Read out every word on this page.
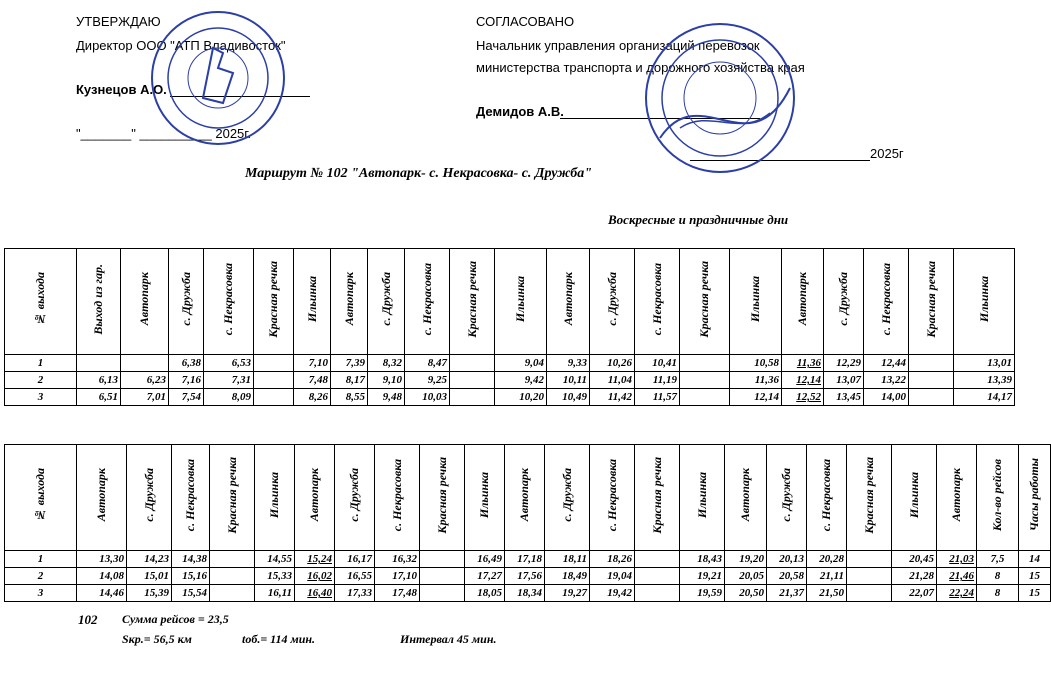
УТВЕРЖДАЮ
Директор ООО "АТП Владивосток"
Кузнецов А.О.
"_______" __________ 2025г.
СОГЛАСОВАНО
Начальник управления организаций перевозок
министерства транспорта и дорожного хозяйства края
Демидов А.В.
2025г
Маршрут № 102 "Автопарк- с. Некрасовка- с. Дружба"
Воскресные и праздничные дни
№ выхода	Выход из гар.	Автопарк	с. Дружба	с. Некрасовка	Красная речка	Ильинка	Автопарк	с. Дружба	с. Некрасовка	Красная речка	Ильинка	Автопарк	с. Дружба	с. Некрасовка	Красная речка	Ильинка	Автопарк	с. Дружба	с. Некрасовка	Красная речка	Ильинка
1			6,38	6,53		7,10	7,39	8,32	8,47		9,04	9,33	10,26	10,41		10,58	11,36	12,29	12,44		13,01
2	6,13	6,23	7,16	7,31		7,48	8,17	9,10	9,25		9,42	10,11	11,04	11,19		11,36	12,14	13,07	13,22		13,39
3	6,51	7,01	7,54	8,09		8,26	8,55	9,48	10,03		10,20	10,49	11,42	11,57		12,14	12,52	13,45	14,00		14,17
№ выхода	Автопарк	с. Дружба	с. Некрасовка	Красная речка	Ильинка	Автопарк	с. Дружба	с. Некрасовка	Красная речка	Ильинка	Автопарк	с. Дружба	с. Некрасовка	Красная речка	Ильинка	Автопарк	с. Дружба	с. Некрасовка	Красная речка	Ильинка	Автопарк	Кол-во рейсов	Часы работы
1	13,30	14,23	14,38		14,55	15,24	16,17	16,32		16,49	17,18	18,11	18,26		18,43	19,20	20,13	20,28		20,45	21,03	7,5	14
2	14,08	15,01	15,16		15,33	16,02	16,55	17,10		17,27	17,56	18,49	19,04		19,21	20,05	20,58	21,11		21,28	21,46	8	15
3	14,46	15,39	15,54		16,11	16,40	17,33	17,48		18,05	18,34	19,27	19,42		19,59	20,50	21,37	21,50		22,07	22,24	8	15
102 Сумма рейсов = 23,5
Sкр.= 56,5 км	tоб.= 114 мин.	Интервал 45 мин.
